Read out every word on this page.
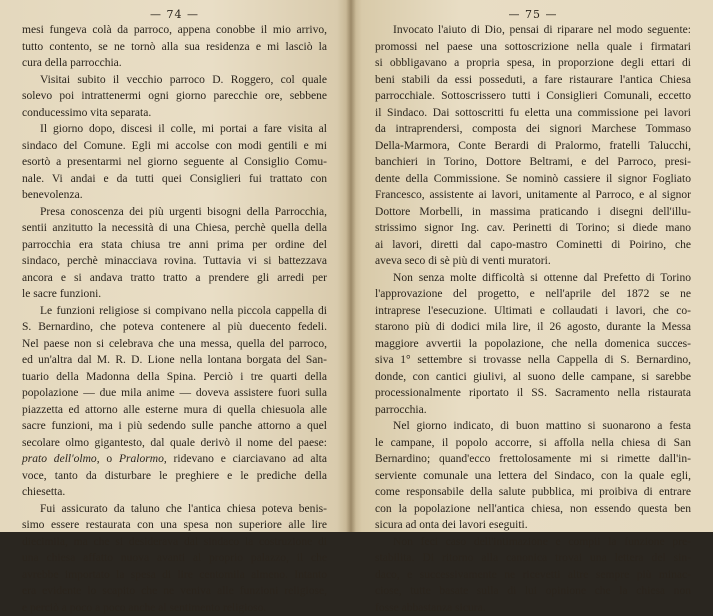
— 74 —
mesi fungeva colà da parroco, appena conobbe il mio arrivo,
tutto contento, se ne tornò alla sua residenza e mi lasciò la
cura della parrocchia.
Visitai subito il vecchio parroco D. Roggero, col quale
solevo poi intrattenermi ogni giorno parecchie ore, sebbene
conducessimo vita separata.
Il giorno dopo, discesi il colle, mi portai a fare visita al
sindaco del Comune. Egli mi accolse con modi gentili e mi
esortò a presentarmi nel giorno seguente al Consiglio Comu-
nale. Vi andai e da tutti quei Consiglieri fui trattato con
benevolenza.
Presa conoscenza dei più urgenti bisogni della Parrocchia,
sentii anzitutto la necessità di una Chiesa, perchè quella della
parrocchia era stata chiusa tre anni prima per ordine del
sindaco, perchè minacciava rovina. Tuttavia vi si battezzava
ancora e si andava tratto tratto a prendere gli arredi per
le sacre funzioni.
Le funzioni religiose si compivano nella piccola cappella di
S. Bernardino, che poteva contenere al più duecento fedeli.
Nel paese non si celebrava che una messa, quella del parroco,
ed un'altra dal M. R. D. Lione nella lontana borgata del San-
tuario della Madonna della Spina. Perciò i tre quarti della
popolazione — due mila anime — doveva assistere fuori sulla
piazzetta ed attorno alle esterne mura di quella chiesuola alle
sacre funzioni, ma i più sedendo sulle panche attorno a quel
secolare olmo gigantesto, dal quale derivò il nome del paese:
prato dell'olmo, o Pralormo, ridevano e ciarciavano ad alta
voce, tanto da disturbare le preghiere e le prediche della
chiesetta.
Fui assicurato da taluno che l'antica chiesa poteva benis-
simo essere restaurata con una spesa non superiore alle lire
diecimila, ma che si desiderava dal sindaco la costruzione di
una chiesa affatto nuova avanti al proprio palazzo, il che
avrebbe importato la spesa di lire centomila almeno. Intanto
era evidente lo scapito che ne veniva alle funzioni religiose,
e perciò a poco a poco anche al sentimento religioso.
— 75 —
Invocato l'aiuto di Dio, pensai di riparare nel modo seguente:
promossi nel paese una sottoscrizione nella quale i firmatari
si obbligavano a propria spesa, in proporzione degli ettari di
beni stabili da essi posseduti, a fare ristaurare l'antica Chiesa
parrocchiale. Sottoscrissero tutti i Consiglieri Comunali, eccetto
il Sindaco. Dai sottoscritti fu eletta una commissione pei lavori
da intraprendersi, composta dei signori Marchese Tommaso
Della-Marmora, Conte Berardi di Pralormo, fratelli Talucchi,
banchieri in Torino, Dottore Beltrami, e del Parroco, presi-
dente della Commissione. Se nominò cassiere il signor Fogliato
Francesco, assistente ai lavori, unitamente al Parroco, e al signor
Dottore Morbelli, in massima praticando i disegni dell'illu-
strissimo signor Ing. cav. Perinetti di Torino; si diede mano
ai lavori, diretti dal capo-mastro Cominetti di Poirino, che
aveva seco di sè più di venti muratori.
Non senza molte difficoltà si ottenne dal Prefetto di Torino
l'approvazione del progetto, e nell'aprile del 1872 se ne
intraprese l'esecuzione. Ultimati e collaudati i lavori, che co-
starono più di dodici mila lire, il 26 agosto, durante la Messa
maggiore avvertii la popolazione, che nella domenica succes-
siva 1° settembre si trovasse nella Cappella di S. Bernardino,
donde, con cantici giulivi, al suono delle campane, si sarebbe
processionalmente riportato il SS. Sacramento nella ristaurata
parrocchia.
Nel giorno indicato, di buon mattino si suonarono a festa
le campane, il popolo accorre, si affolla nella chiesa di San
Bernardino; quand'ecco frettolosamente mi si rimette dall'in-
serviente comunale una lettera del Sindaco, con la quale egli,
come responsabile della salute pubblica, mi proibiva di entrare
con la popolazione nell'antica chiesa, non essendo questa ben
sicura ad onta dei lavori eseguiti.
Non feci caso dell'intimazione e compii la funzione pre-
stabilita. Di ritorno alla canonica trovai una lettera del sin-
daco, e successivamente ne ricevetti altre sempre più minac-
ciose, tutte basate sulla di lui opinione che la chiesa non
fosse abbastanza sicura.
